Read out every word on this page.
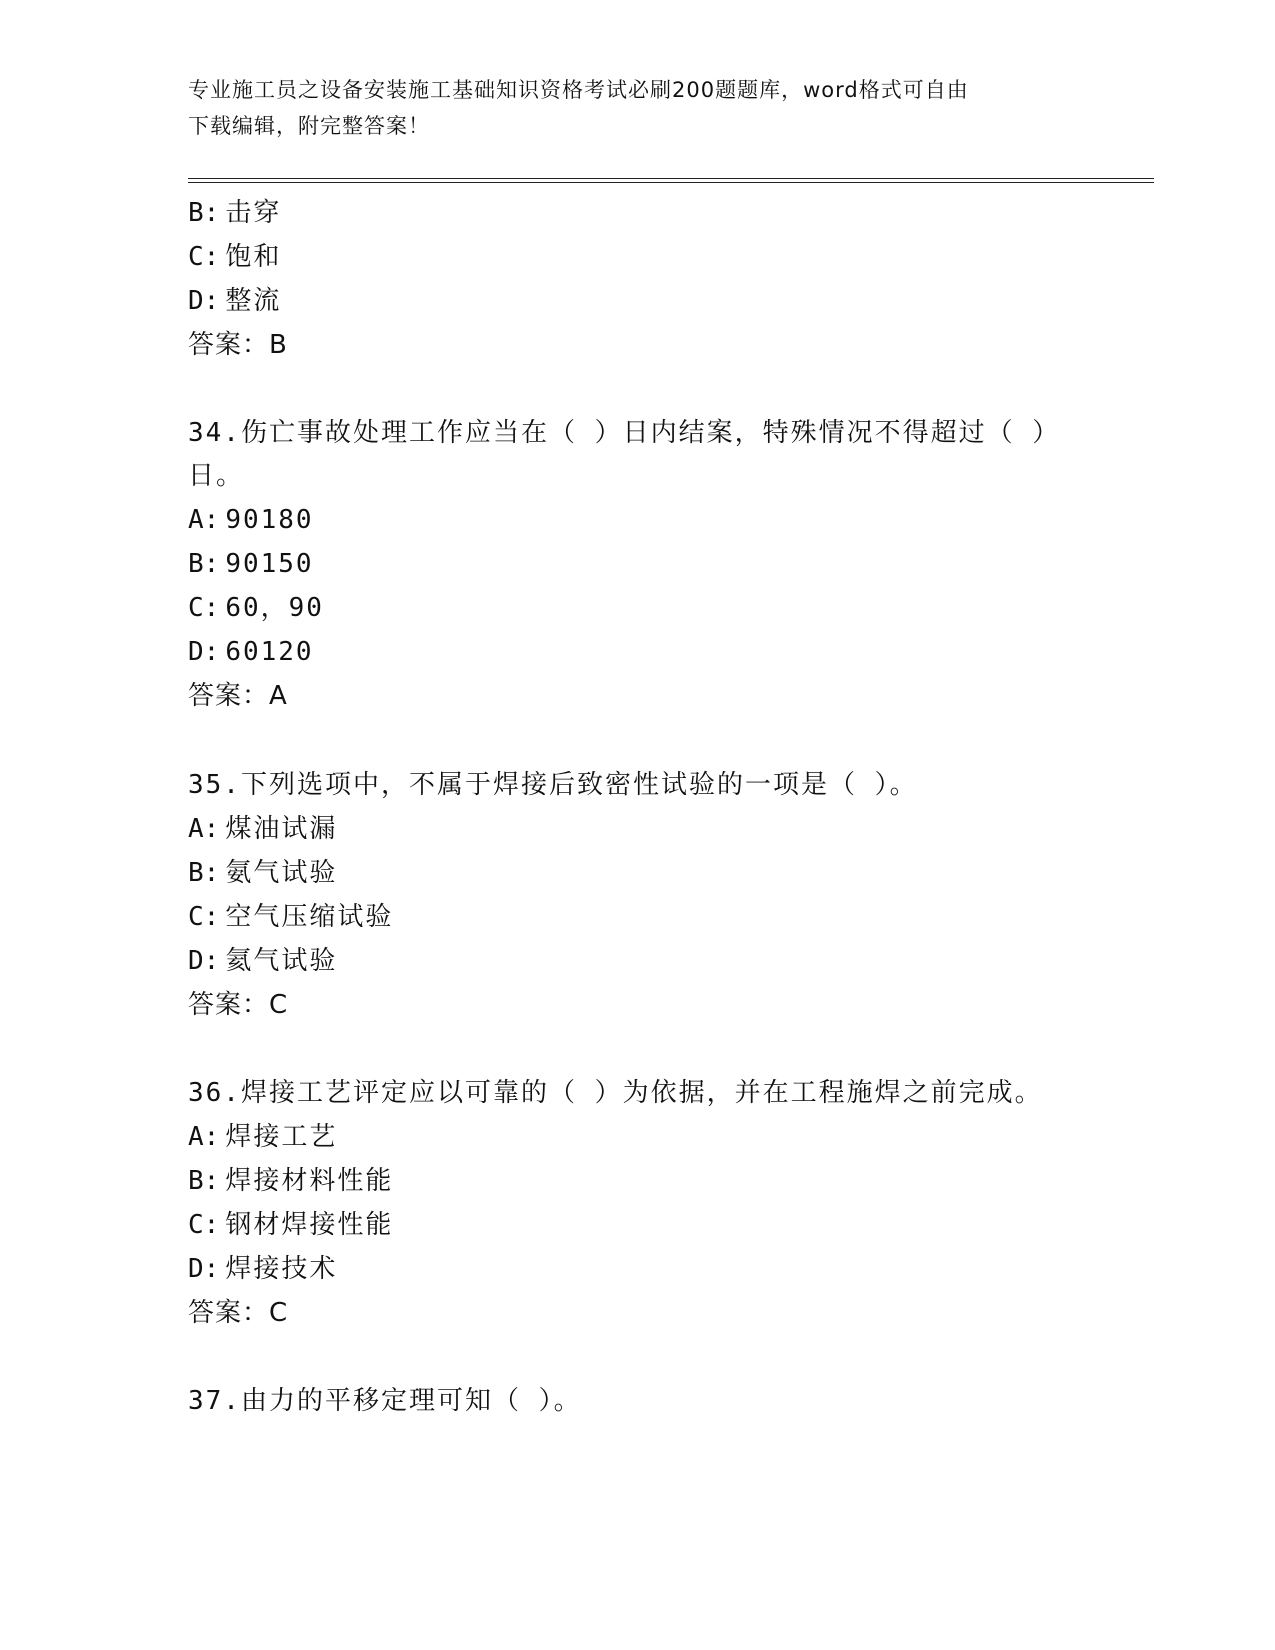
专业施工员之设备安装施工基础知识资格考试必刷200题题库，word格式可自由
下载编辑，附完整答案！
B: 击穿
C: 饱和
D: 整流
答案：B
34.伤亡事故处理工作应当在（ ）日内结案，特殊情况不得超过（ ）
日。
A: 90180
B: 90150
C: 60，90
D: 60120
答案：A
35.下列选项中，不属于焊接后致密性试验的一项是（ ）。
A: 煤油试漏
B: 氨气试验
C: 空气压缩试验
D: 氦气试验
答案：C
36.焊接工艺评定应以可靠的（ ）为依据，并在工程施焊之前完成。
A: 焊接工艺
B: 焊接材料性能
C: 钢材焊接性能
D: 焊接技术
答案：C
37.由力的平移定理可知（ ）。
